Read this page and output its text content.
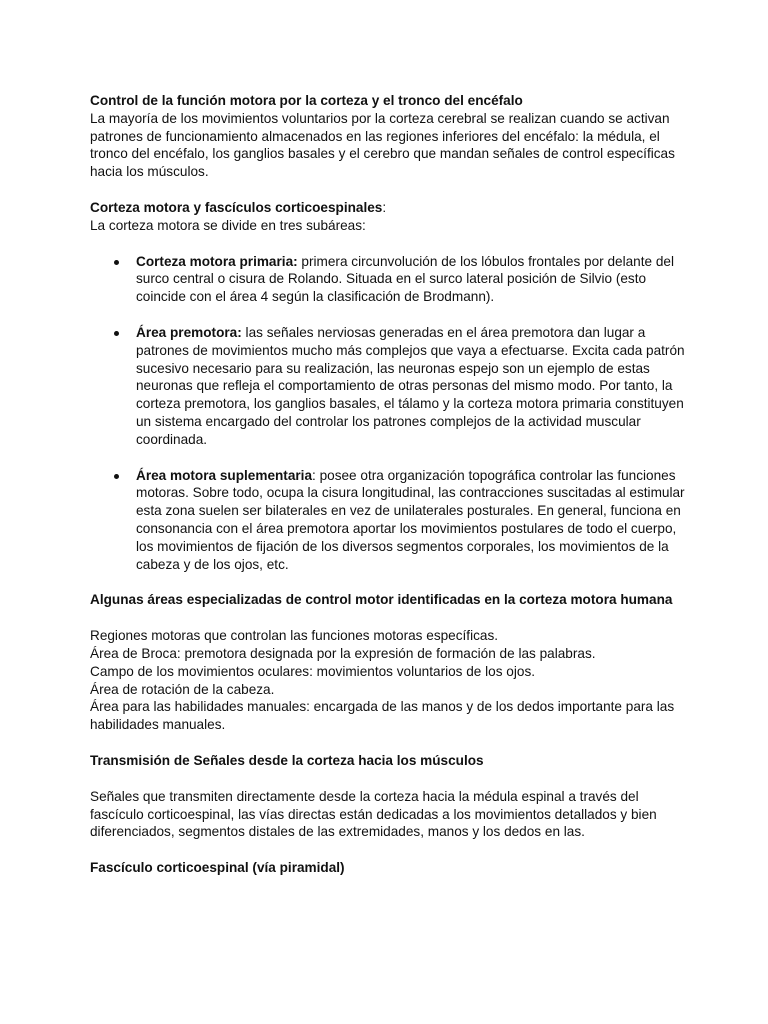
Control de la función motora por la corteza y el tronco del encéfalo

La mayoría de los movimientos voluntarios por la corteza cerebral se realizan cuando se activan patrones de funcionamiento almacenados en las regiones inferiores del encéfalo: la médula, el tronco del encéfalo, los ganglios basales y el cerebro que mandan señales de control específicas hacia los músculos.

Corteza motora y fascículos corticoespinales:

La corteza motora se divide en tres subáreas:

Corteza motora primaria: primera circunvolución de los lóbulos frontales por delante del surco central o cisura de Rolando. Situada en el surco lateral posición de Silvio (esto coincide con el área 4 según la clasificación de Brodmann).
Área premotora: las señales nerviosas generadas en el área premotora dan lugar a patrones de movimientos mucho más complejos que vaya a efectuarse. Excita cada patrón sucesivo necesario para su realización, las neuronas espejo son un ejemplo de estas neuronas que refleja el comportamiento de otras personas del mismo modo. Por tanto, la corteza premotora, los ganglios basales, el tálamo y la corteza motora primaria constituyen un sistema encargado del controlar los patrones complejos de la actividad muscular coordinada.
Área motora suplementaria: posee otra organización topográfica controlar las funciones motoras. Sobre todo, ocupa la cisura longitudinal, las contracciones suscitadas al estimular esta zona suelen ser bilaterales en vez de unilaterales posturales. En general, funciona en consonancia con el área premotora aportar los movimientos postulares de todo el cuerpo, los movimientos de fijación de los diversos segmentos corporales, los movimientos de la cabeza y de los ojos, etc.

Algunas áreas especializadas de control motor identificadas en la corteza motora humana

Regiones motoras que controlan las funciones motoras específicas.
Área de Broca: premotora designada por la expresión de formación de las palabras.
Campo de los movimientos oculares: movimientos voluntarios de los ojos.
Área de rotación de la cabeza.
Área para las habilidades manuales: encargada de las manos y de los dedos importante para las habilidades manuales.

Transmisión de Señales desde la corteza hacia los músculos

Señales que transmiten directamente desde la corteza hacia la médula espinal a través del fascículo corticoespinal, las vías directas están dedicadas a los movimientos detallados y bien diferenciados, segmentos distales de las extremidades, manos y los dedos en las.

Fascículo corticoespinal (vía piramidal)
